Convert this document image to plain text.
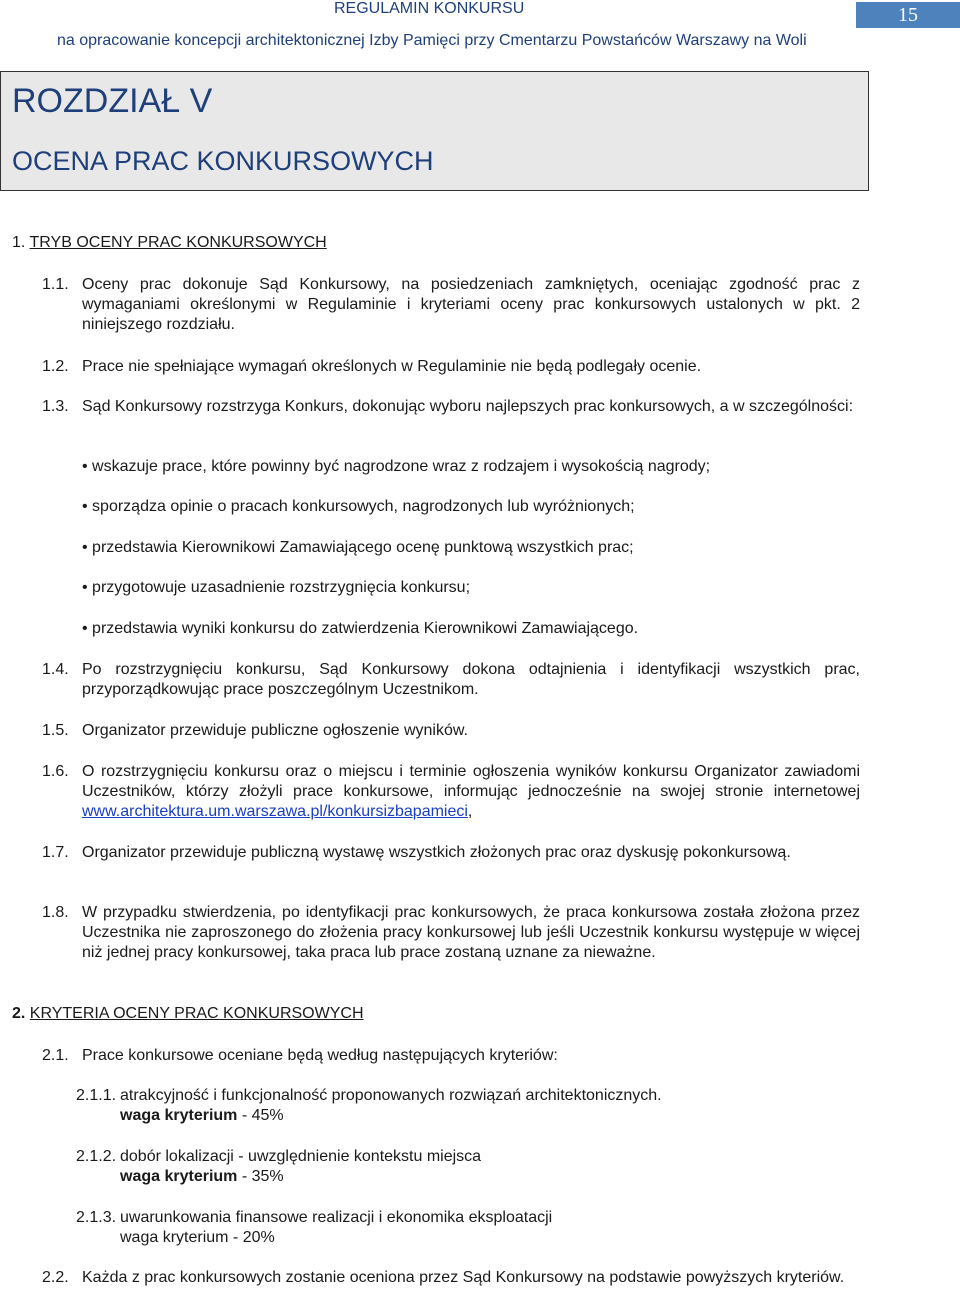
REGULAMIN KONKURSU
na opracowanie koncepcji architektonicznej Izby Pamięci przy Cmentarzu Powstańców Warszawy na Woli
15
ROZDZIAŁ V
OCENA PRAC KONKURSOWYCH
1. TRYB OCENY PRAC KONKURSOWYCH
1.1. Oceny prac dokonuje Sąd Konkursowy, na posiedzeniach zamkniętych, oceniając zgodność prac z wymaganiami określonymi w Regulaminie i kryteriami oceny prac konkursowych ustalonych w pkt. 2 niniejszego rozdziału.
1.2. Prace nie spełniające wymagań określonych w Regulaminie nie będą podlegały ocenie.
1.3. Sąd Konkursowy rozstrzyga Konkurs, dokonując wyboru najlepszych prac konkursowych, a w szczególności:
• wskazuje prace, które powinny być nagrodzone wraz z rodzajem i wysokością nagrody;
• sporządza opinie o pracach konkursowych, nagrodzonych lub wyróżnionych;
• przedstawia Kierownikowi Zamawiającego ocenę punktową wszystkich prac;
• przygotowuje uzasadnienie rozstrzygnięcia konkursu;
• przedstawia wyniki konkursu do zatwierdzenia Kierownikowi Zamawiającego.
1.4. Po rozstrzygnięciu konkursu, Sąd Konkursowy dokona odtajnienia i identyfikacji wszystkich prac, przyporządkowując prace poszczególnym Uczestnikom.
1.5. Organizator przewiduje publiczne ogłoszenie wyników.
1.6. O rozstrzygnięciu konkursu oraz o miejscu i terminie ogłoszenia wyników konkursu Organizator zawiadomi Uczestników, którzy złożyli prace konkursowe, informując jednocześnie na swojej stronie internetowej www.architektura.um.warszawa.pl/konkursizbapamieci,
1.7. Organizator przewiduje publiczną wystawę wszystkich złożonych prac oraz dyskusję pokonkursową.
1.8. W przypadku stwierdzenia, po identyfikacji prac konkursowych, że praca konkursowa została złożona przez Uczestnika nie zaproszonego do złożenia pracy konkursowej lub jeśli Uczestnik konkursu występuje w więcej niż jednej pracy konkursowej, taka praca lub prace zostaną uznane za nieważne.
2. KRYTERIA OCENY PRAC KONKURSOWYCH
2.1. Prace konkursowe oceniane będą według następujących kryteriów:
2.1.1. atrakcyjność i funkcjonalność proponowanych rozwiązań architektonicznych.
waga kryterium - 45%
2.1.2. dobór lokalizacji - uwzględnienie kontekstu miejsca
waga kryterium - 35%
2.1.3. uwarunkowania finansowe realizacji i ekonomika eksploatacji
waga kryterium - 20%
2.2. Każda z prac konkursowych zostanie oceniona przez Sąd Konkursowy na podstawie powyższych kryteriów.
